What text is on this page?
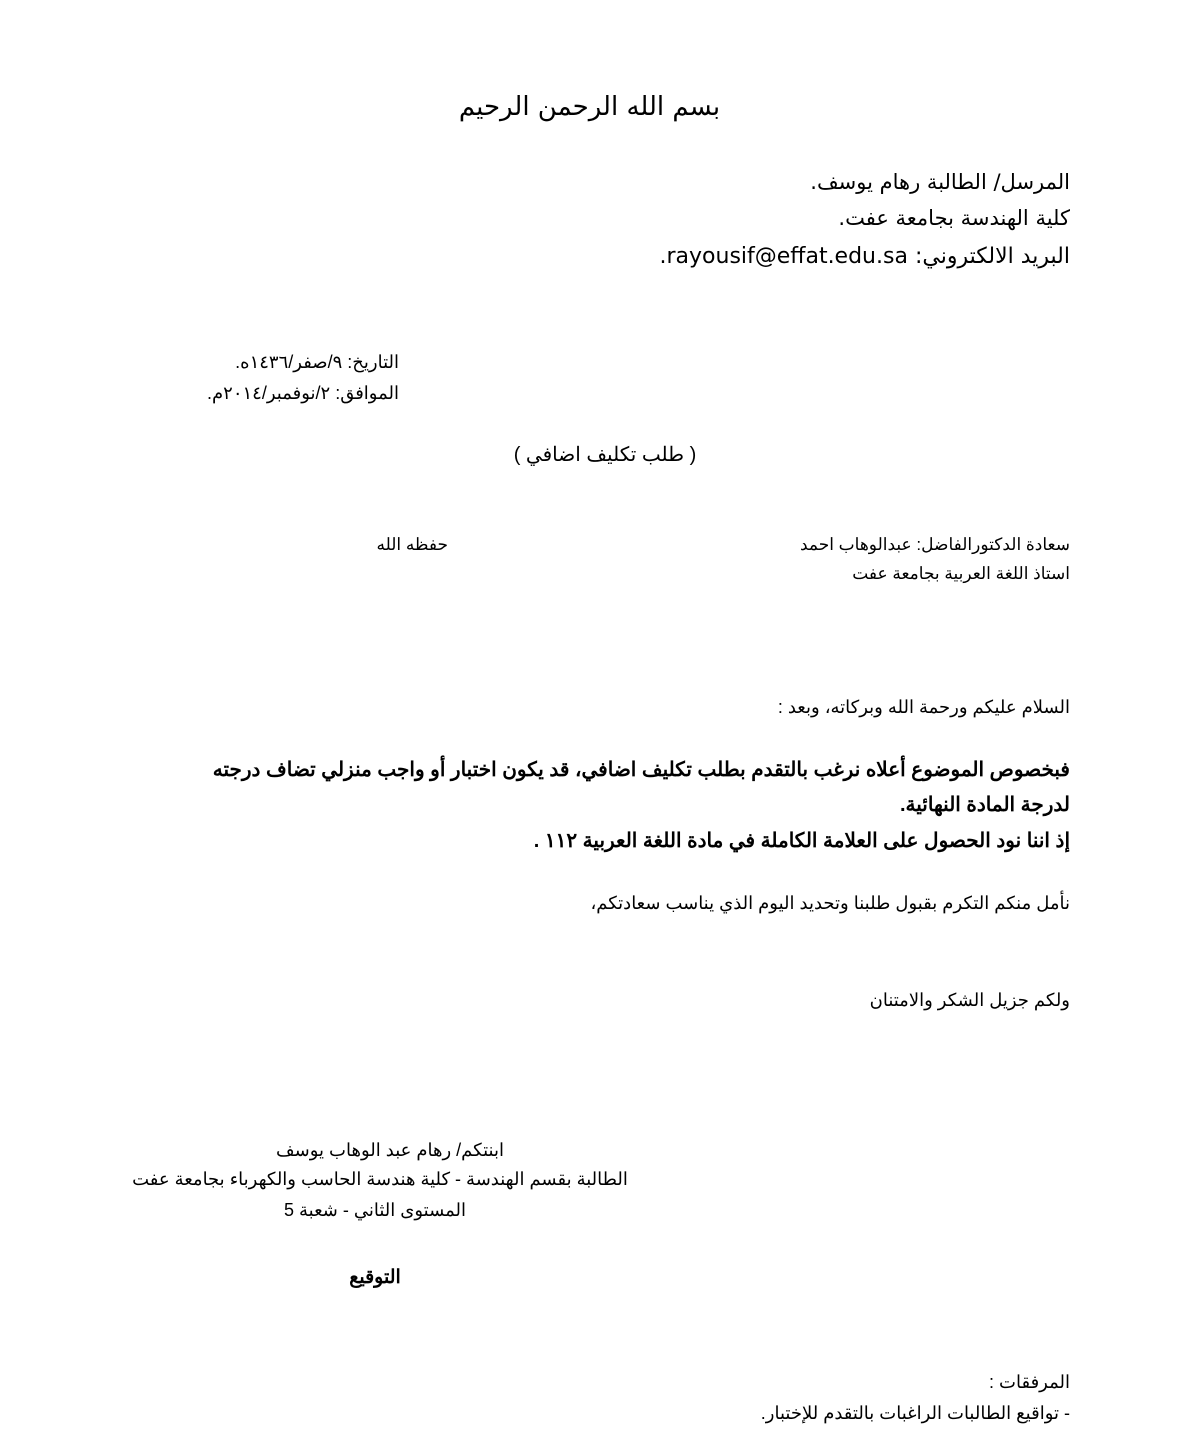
بسم الله الرحمن الرحيم
المرسل/ الطالبة رهام يوسف.
كلية الهندسة بجامعة عفت.
البريد الالكتروني: rayousif@effat.edu.sa.
التاريخ: ٩/صفر/١٤٣٦ه.
الموافق: ٢/نوفمبر/٢٠١٤م.
( طلب تكليف اضافي )
سعادة الدكتورالفاضل: عبدالوهاب احمد
حفظه الله
استاذ اللغة العربية بجامعة عفت
السلام عليكم ورحمة الله وبركاته، وبعد :
فبخصوص الموضوع أعلاه نرغب بالتقدم بطلب تكليف اضافي، قد يكون اختبار أو واجب منزلي تضاف درجته
لدرجة المادة النهائية.
إذ اننا نود الحصول على العلامة الكاملة في مادة اللغة العربية ١١٢ .
نأمل منكم التكرم بقبول طلبنا وتحديد اليوم الذي يناسب سعادتكم،
ولكم جزيل الشكر والامتنان
ابنتكم/ رهام عبد الوهاب يوسف
الطالبة بقسم الهندسة - كلية هندسة الحاسب والكهرباء بجامعة عفت
المستوى الثاني - شعبة 5
التوقيع
المرفقات :
- تواقيع الطالبات الراغبات بالتقدم للإختبار.
